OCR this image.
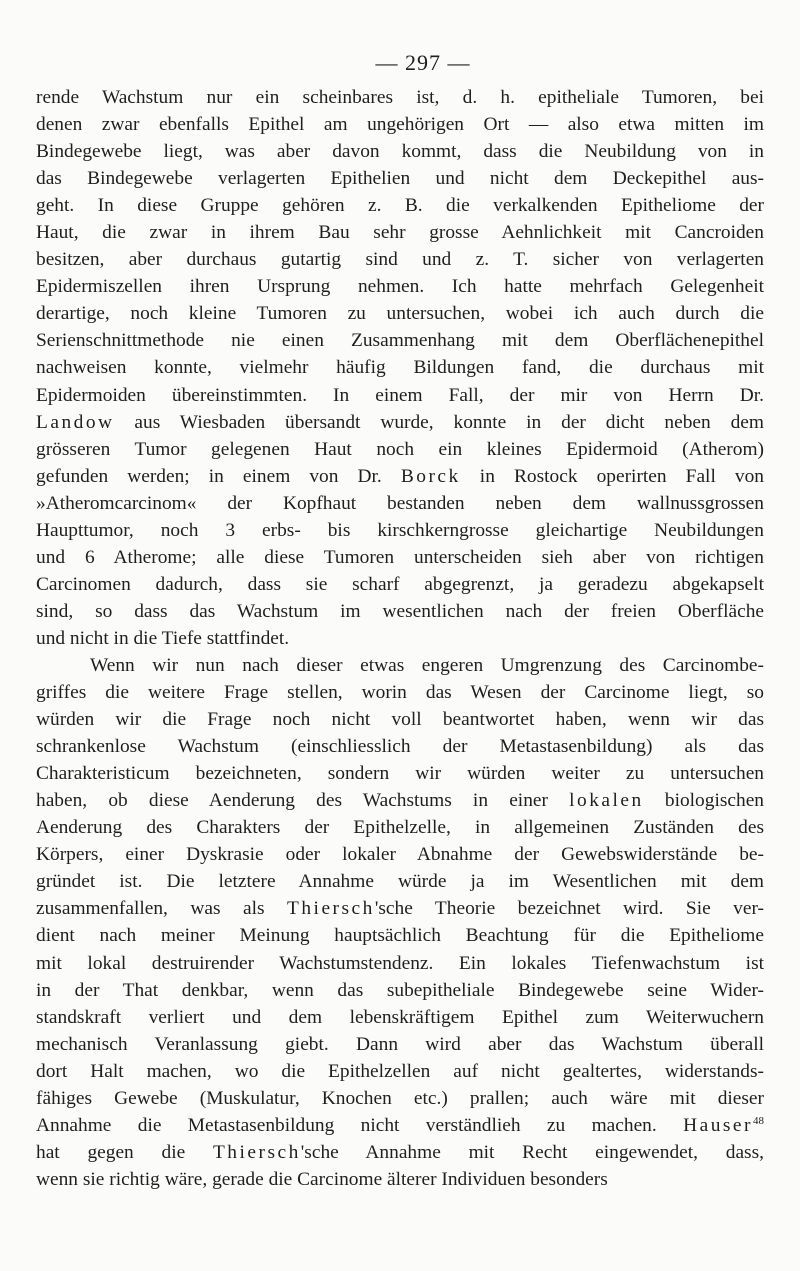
— 297 —
rende Wachstum nur ein scheinbares ist, d. h. epitheliale Tumoren, bei
denen zwar ebenfalls Epithel am ungehörigen Ort — also etwa mitten im
Bindegewebe liegt, was aber davon kommt, dass die Neubildung von in
das Bindegewebe verlagerten Epithelien und nicht dem Deckepithel aus-
geht. In diese Gruppe gehören z. B. die verkalkenden Epitheliome der
Haut, die zwar in ihrem Bau sehr grosse Aehnlichkeit mit Cancroiden
besitzen, aber durchaus gutartig sind und z. T. sicher von verlagerten
Epidermiszellen ihren Ursprung nehmen. Ich hatte mehrfach Gelegenheit
derartige, noch kleine Tumoren zu untersuchen, wobei ich auch durch die
Serienschnittmethode nie einen Zusammenhang mit dem Oberflächenepithel
nachweisen konnte, vielmehr häufig Bildungen fand, die durchaus mit
Epidermoiden übereinstimmten. In einem Fall, der mir von Herrn Dr.
Landow aus Wiesbaden übersandt wurde, konnte in der dicht neben dem
grösseren Tumor gelegenen Haut noch ein kleines Epidermoid (Atherom)
gefunden werden; in einem von Dr. Borck in Rostock operirten Fall von
»Atheromcarcinom« der Kopfhaut bestanden neben dem wallnussgrossen
Haupttumor, noch 3 erbs- bis kirschkerngrosse gleichartige Neubildungen
und 6 Atherome; alle diese Tumoren unterscheiden sieh aber von richtigen
Carcinomen dadurch, dass sie scharf abgegrenzt, ja geradezu abgekapselt
sind, so dass das Wachstum im wesentlichen nach der freien Oberfläche
und nicht in die Tiefe stattfindet.
Wenn wir nun nach dieser etwas engeren Umgrenzung des Carcinombe-
griffes die weitere Frage stellen, worin das Wesen der Carcinome liegt, so
würden wir die Frage noch nicht voll beantwortet haben, wenn wir das
schrankenlose Wachstum (einschliesslich der Metastasenbildung) als das
Charakteristicum bezeichneten, sondern wir würden weiter zu untersuchen
haben, ob diese Aenderung des Wachstums in einer lokalen biologischen
Aenderung des Charakters der Epithelzelle, in allgemeinen Zuständen des
Körpers, einer Dyskrasie oder lokaler Abnahme der Gewebswiderstände be-
gründet ist. Die letztere Annahme würde ja im Wesentlichen mit dem
zusammenfallen, was als Thiersch'sche Theorie bezeichnet wird. Sie ver-
dient nach meiner Meinung hauptsächlich Beachtung für die Epitheliome
mit lokal destruirender Wachstumstendenz. Ein lokales Tiefenwachstum ist
in der That denkbar, wenn das subepitheliale Bindegewebe seine Wider-
standskraft verliert und dem lebenskräftigem Epithel zum Weiterwuchern
mechanisch Veranlassung giebt. Dann wird aber das Wachstum überall
dort Halt machen, wo die Epithelzellen auf nicht gealtertes, widerstands-
fähiges Gewebe (Muskulatur, Knochen etc.) prallen; auch wäre mit dieser
Annahme die Metastasenbildung nicht verständlieh zu machen. Hauser$^{48}$
hat gegen die Thiersch'sche Annahme mit Recht eingewendet, dass,
wenn sie richtig wäre, gerade die Carcinome älterer Individuen besonders
